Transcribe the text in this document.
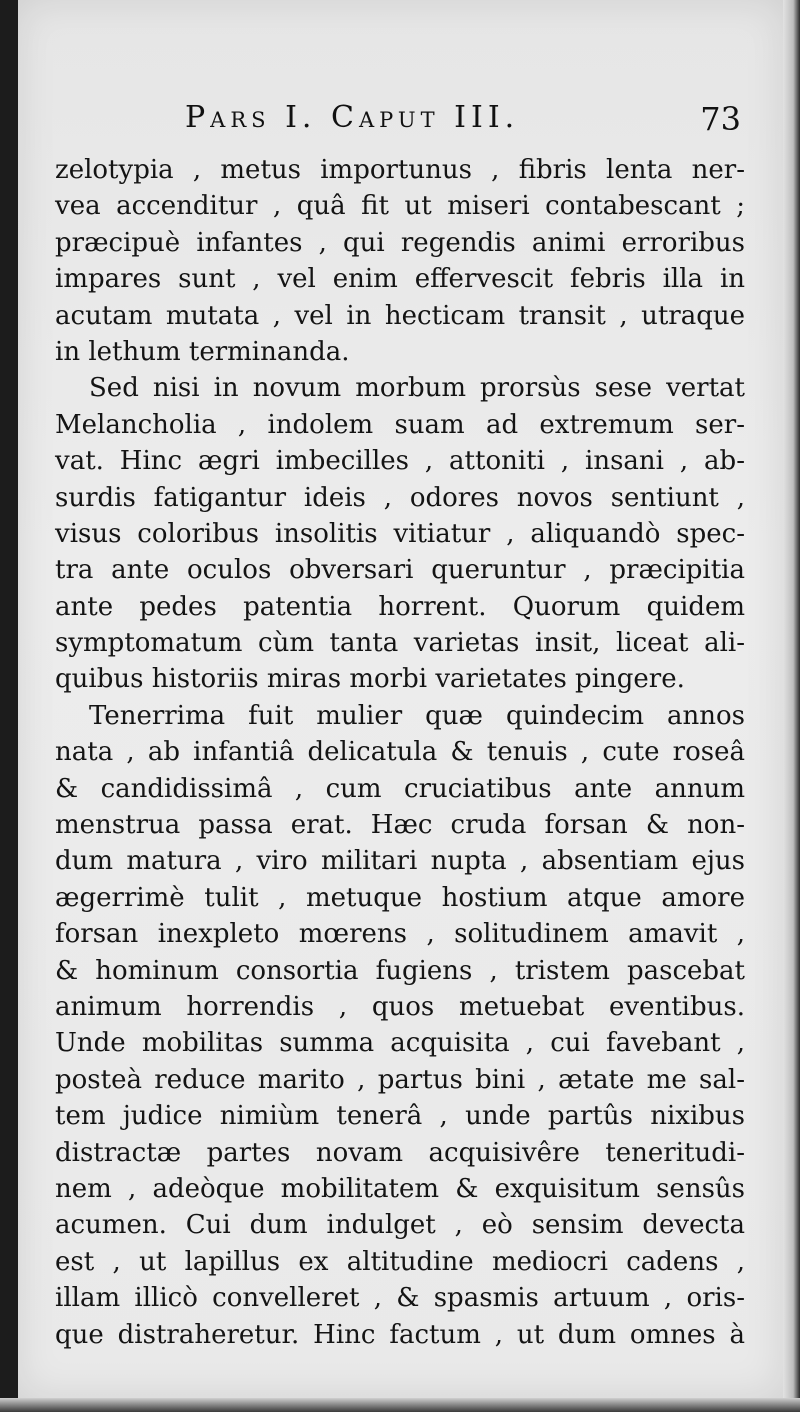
Pars I. Caput III.	73
zelotypia , metus importunus , fibris lenta ner-
vea accenditur , quâ fit ut miseri contabescant ;
præcipuè infantes , qui regendis animi erroribus
impares sunt , vel enim effervescit febris illa in
acutam mutata , vel in hecticam transit , utraque
in lethum terminanda.
Sed nisi in novum morbum prorsùs sese vertat
Melancholia , indolem suam ad extremum ser-
vat. Hinc ægri imbecilles , attoniti , insani , ab-
surdis fatigantur ideis , odores novos sentiunt ,
visus coloribus insolitis vitiatur , aliquandò spec-
tra ante oculos obversari queruntur , præcipitia
ante pedes patentia horrent. Quorum quidem
symptomatum cùm tanta varietas insit, liceat ali-
quibus historiis miras morbi varietates pingere.
Tenerrima fuit mulier quæ quindecim annos
nata , ab infantiâ delicatula & tenuis , cute roseâ
& candidissimâ , cum cruciatibus ante annum
menstrua passa erat. Hæc cruda forsan & non-
dum matura , viro militari nupta , absentiam ejus
ægerrimè tulit , metuque hostium atque amore
forsan inexpleto mœrens , solitudinem amavit ,
& hominum consortia fugiens , tristem pascebat
animum horrendis , quos metuebat eventibus.
Unde mobilitas summa acquisita , cui favebant ,
posteà reduce marito , partus bini , ætate me sal-
tem judice nimiùm tenerâ , unde partûs nixibus
distractæ partes novam acquisivêre teneritudi-
nem , adeòque mobilitatem & exquisitum sensûs
acumen. Cui dum indulget , eò sensim devecta
est , ut lapillus ex altitudine mediocri cadens ,
illam illicò convelleret , & spasmis artuum , oris-
que distraheretur. Hinc factum , ut dum omnes à
